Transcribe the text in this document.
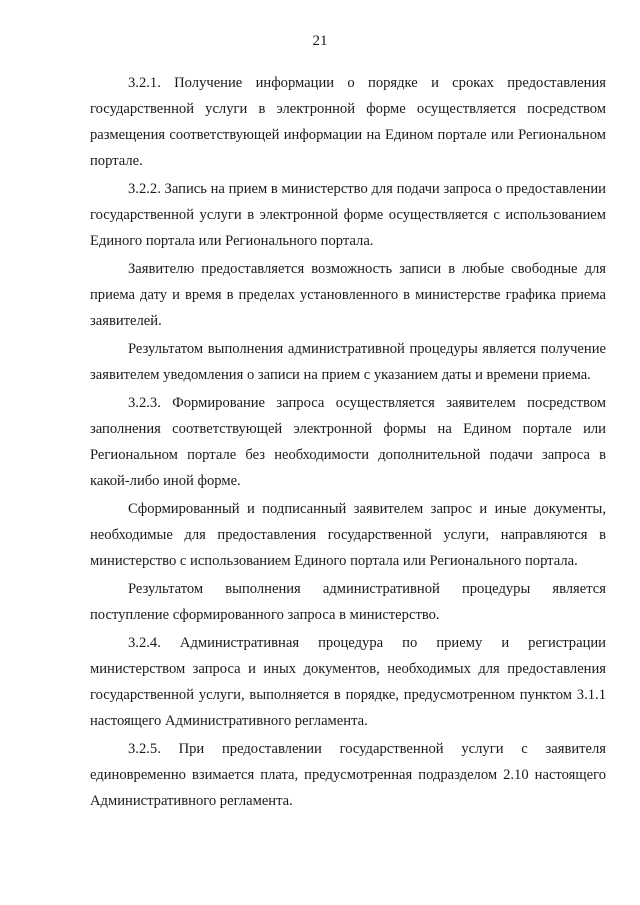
21

3.2.1. Получение информации о порядке и сроках предоставления государственной услуги в электронной форме осуществляется посредством размещения соответствующей информации на Едином портале или Региональном портале.

3.2.2. Запись на прием в министерство для подачи запроса о предоставлении государственной услуги в электронной форме осуществляется с использованием Единого портала или Регионального портала.

Заявителю предоставляется возможность записи в любые свободные для приема дату и время в пределах установленного в министерстве графика приема заявителей.

Результатом выполнения административной процедуры является получение заявителем уведомления о записи на прием с указанием даты и времени приема.

3.2.3. Формирование запроса осуществляется заявителем посредством заполнения соответствующей электронной формы на Едином портале или Региональном портале без необходимости дополнительной подачи запроса в какой-либо иной форме.

Сформированный и подписанный заявителем запрос и иные документы, необходимые для предоставления государственной услуги, направляются в министерство с использованием Единого портала или Регионального портала.

Результатом выполнения административной процедуры является поступление сформированного запроса в министерство.

3.2.4. Административная процедура по приему и регистрации министерством запроса и иных документов, необходимых для предоставления государственной услуги, выполняется в порядке, предусмотренном пунктом 3.1.1 настоящего Административного регламента.

3.2.5. При предоставлении государственной услуги с заявителя единовременно взимается плата, предусмотренная подразделом 2.10 настоящего Административного регламента.
